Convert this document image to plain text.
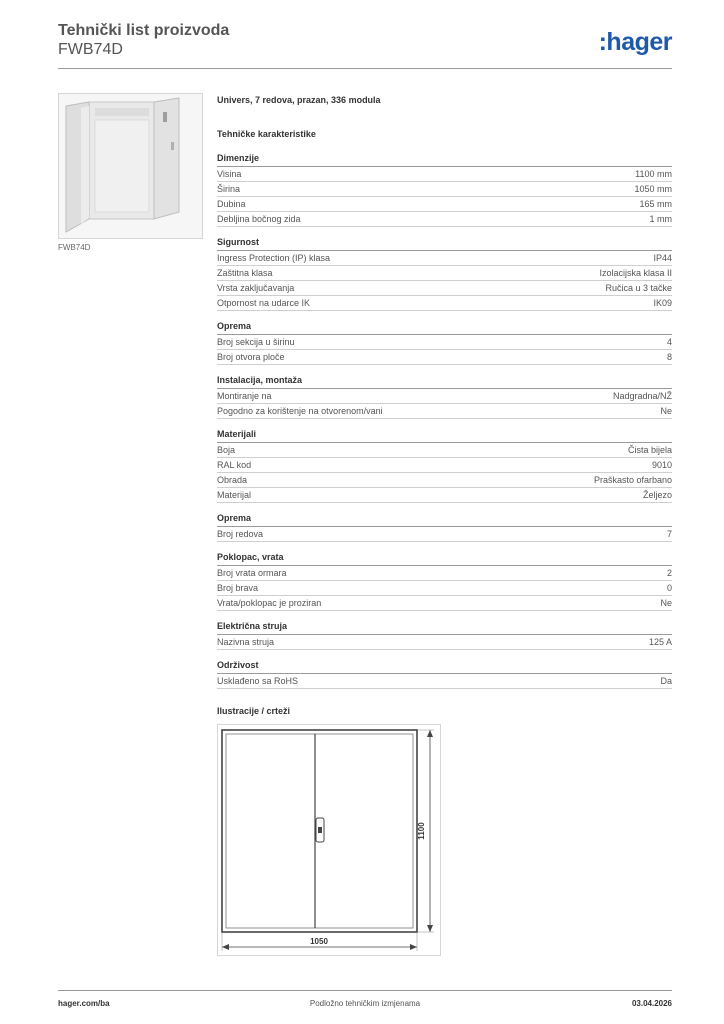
Tehnički list proizvoda
FWB74D	:hager
FWB74D
Univers, 7 redova, prazan, 336 modula
Tehničke karakteristike
Dimenzije
Visina	1100 mm
Širina	1050 mm
Dubina	165 mm
Debljina bočnog zida	1 mm
Sigurnost
Ingress Protection (IP) klasa	IP44
Zaštitna klasa	Izolacijska klasa II
Vrsta zaključavanja	Ručica u 3 tačke
Otpornost na udarce IK	IK09
Oprema
Broj sekcija u širinu	4
Broj otvora ploče	8
Instalacija, montaža
Montiranje na	Nadgradna/NŽ
Pogodno za korištenje na otvorenom/vani	Ne
Materijali
Boja	Čista bijela
RAL kod	9010
Obrada	Praškasto ofarbano
Materijal	Željezo
Oprema
Broj redova	7
Poklopac, vrata
Broj vrata ormara	2
Broj brava	0
Vrata/poklopac je proziran	Ne
Električna struja
Nazivna struja	125 A
Održivost
Usklađeno sa RoHS	Da
Ilustracije / crteži
1100
1050
hager.com/ba	Podložno tehničkim izmjenama	03.04.2026
